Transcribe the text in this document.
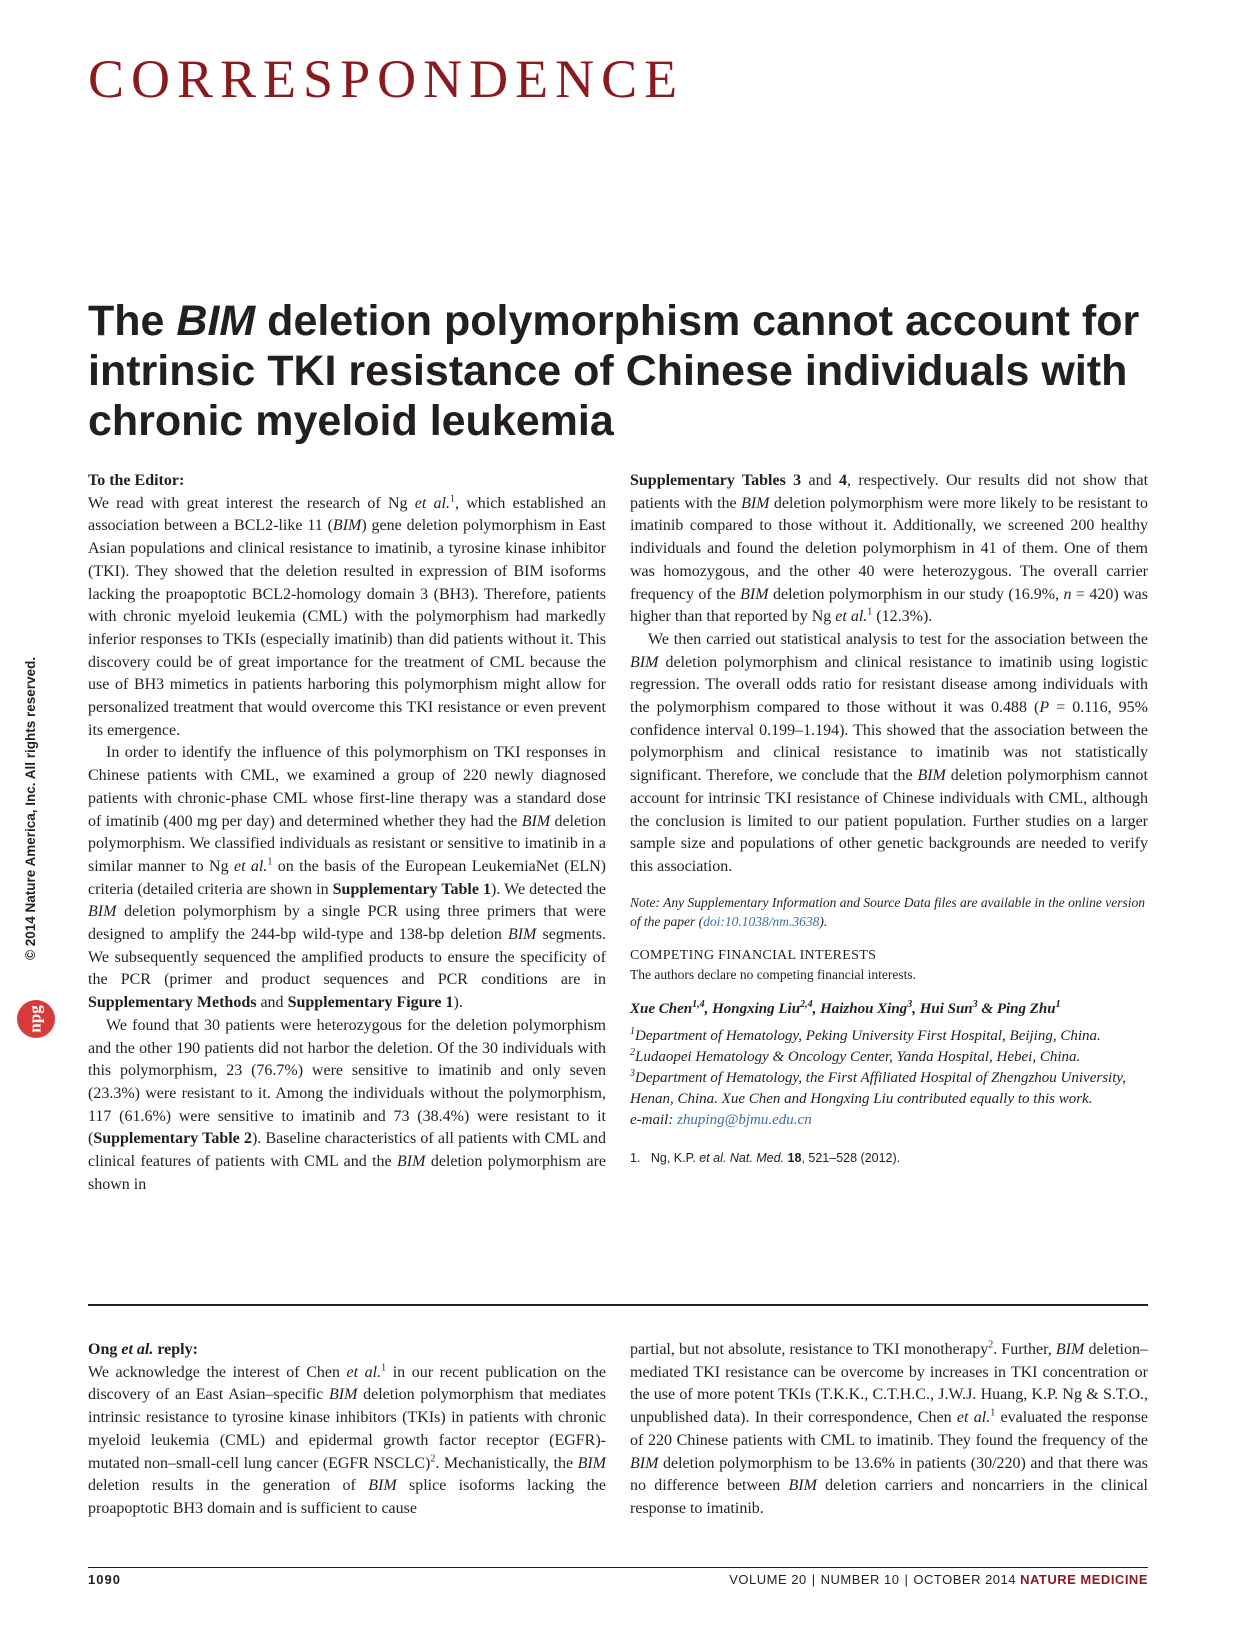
CORRESPONDENCE
The BIM deletion polymorphism cannot account for intrinsic TKI resistance of Chinese individuals with chronic myeloid leukemia
© 2014 Nature America, Inc. All rights reserved.
npg

To the Editor:

We read with great interest the research of Ng et al.$^1$, which established an association between a BCL2-like 11 (BIM) gene deletion polymorphism in East Asian populations and clinical resistance to imatinib, a tyrosine kinase inhibitor (TKI). They showed that the deletion resulted in expression of BIM isoforms lacking the proapoptotic BCL2-homology domain 3 (BH3). Therefore, patients with chronic myeloid leukemia (CML) with the polymorphism had markedly inferior responses to TKIs (especially imatinib) than did patients without it. This discovery could be of great importance for the treatment of CML because the use of BH3 mimetics in patients harboring this polymorphism might allow for personalized treatment that would overcome this TKI resistance or even prevent its emergence.

In order to identify the influence of this polymorphism on TKI responses in Chinese patients with CML, we examined a group of 220 newly diagnosed patients with chronic-phase CML whose first-line therapy was a standard dose of imatinib (400 mg per day) and determined whether they had the BIM deletion polymorphism. We classified individuals as resistant or sensitive to imatinib in a similar manner to Ng et al.$^1$ on the basis of the European LeukemiaNet (ELN) criteria (detailed criteria are shown in Supplementary Table 1). We detected the BIM deletion polymorphism by a single PCR using three primers that were designed to amplify the 244-bp wild-type and 138-bp deletion BIM segments. We subsequently sequenced the amplified products to ensure the specificity of the PCR (primer and product sequences and PCR conditions are in Supplementary Methods and Supplementary Figure 1).

We found that 30 patients were heterozygous for the deletion polymorphism and the other 190 patients did not harbor the deletion. Of the 30 individuals with this polymorphism, 23 (76.7%) were sensitive to imatinib and only seven (23.3%) were resistant to it. Among the individuals without the polymorphism, 117 (61.6%) were sensitive to imatinib and 73 (38.4%) were resistant to it (Supplementary Table 2). Baseline characteristics of all patients with CML and clinical features of patients with CML and the BIM deletion polymorphism are shown in

Supplementary Tables 3 and 4, respectively. Our results did not show that patients with the BIM deletion polymorphism were more likely to be resistant to imatinib compared to those without it. Additionally, we screened 200 healthy individuals and found the deletion polymorphism in 41 of them. One of them was homozygous, and the other 40 were heterozygous. The overall carrier frequency of the BIM deletion polymorphism in our study (16.9%, n = 420) was higher than that reported by Ng et al.$^1$ (12.3%).

We then carried out statistical analysis to test for the association between the BIM deletion polymorphism and clinical resistance to imatinib using logistic regression. The overall odds ratio for resistant disease among individuals with the polymorphism compared to those without it was 0.488 (P = 0.116, 95% confidence interval 0.199–1.194). This showed that the association between the polymorphism and clinical resistance to imatinib was not statistically significant. Therefore, we conclude that the BIM deletion polymorphism cannot account for intrinsic TKI resistance of Chinese individuals with CML, although the conclusion is limited to our patient population. Further studies on a larger sample size and populations of other genetic backgrounds are needed to verify this association.

Note: Any Supplementary Information and Source Data files are available in the online version of the paper (doi:10.1038/nm.3638).

COMPETING FINANCIAL INTERESTS

The authors declare no competing financial interests.

Xue Chen$^{1,4}$, Hongxing Liu$^{2,4}$, Haizhou Xing$^3$, Hui Sun$^3$ & Ping Zhu$^1$

$^1$Department of Hematology, Peking University First Hospital, Beijing, China. $^2$Ludaopei Hematology & Oncology Center, Yanda Hospital, Hebei, China. $^3$Department of Hematology, the First Affiliated Hospital of Zhengzhou University, Henan, China. Xue Chen and Hongxing Liu contributed equally to this work.
e-mail: zhuping@bjmu.edu.cn

1. Ng, K.P. et al. Nat. Med. 18, 521–528 (2012).

Ong et al. reply:

We acknowledge the interest of Chen et al.$^1$ in our recent publication on the discovery of an East Asian–specific BIM deletion polymorphism that mediates intrinsic resistance to tyrosine kinase inhibitors (TKIs) in patients with chronic myeloid leukemia (CML) and epidermal growth factor receptor (EGFR)-mutated non–small-cell lung cancer (EGFR NSCLC)$^2$. Mechanistically, the BIM deletion results in the generation of BIM splice isoforms lacking the proapoptotic BH3 domain and is sufficient to cause

partial, but not absolute, resistance to TKI monotherapy$^2$. Further, BIM deletion–mediated TKI resistance can be overcome by increases in TKI concentration or the use of more potent TKIs (T.K.K., C.T.H.C., J.W.J. Huang, K.P. Ng & S.T.O., unpublished data). In their correspondence, Chen et al.$^1$ evaluated the response of 220 Chinese patients with CML to imatinib. They found the frequency of the BIM deletion polymorphism to be 13.6% in patients (30/220) and that there was no difference between BIM deletion carriers and noncarriers in the clinical response to imatinib.

1090	VOLUME 20 | NUMBER 10 | OCTOBER 2014 NATURE MEDICINE
